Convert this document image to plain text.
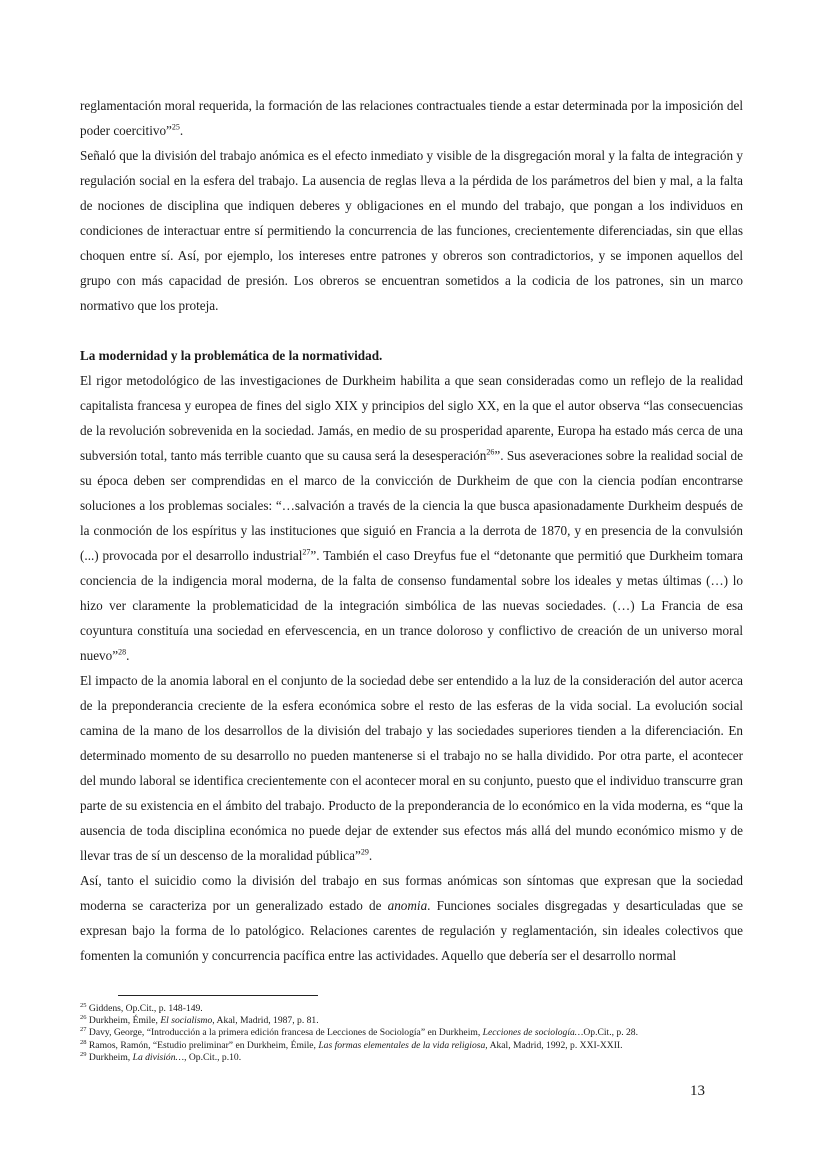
reglamentación moral requerida, la formación de las relaciones contractuales tiende a estar determinada por la imposición del poder coercitivo”$^{25}$.

Señaló que la división del trabajo anómica es el efecto inmediato y visible de la disgregación moral y la falta de integración y regulación social en la esfera del trabajo. La ausencia de reglas lleva a la pérdida de los parámetros del bien y mal, a la falta de nociones de disciplina que indiquen deberes y obligaciones en el mundo del trabajo, que pongan a los individuos en condiciones de interactuar entre sí permitiendo la concurrencia de las funciones, crecientemente diferenciadas, sin que ellas choquen entre sí. Así, por ejemplo, los intereses entre patrones y obreros son contradictorios, y se imponen aquellos del grupo con más capacidad de presión. Los obreros se encuentran sometidos a la codicia de los patrones, sin un marco normativo que los proteja.

La modernidad y la problemática de la normatividad.

El rigor metodológico de las investigaciones de Durkheim habilita a que sean consideradas como un reflejo de la realidad capitalista francesa y europea de fines del siglo XIX y principios del siglo XX, en la que el autor observa “las consecuencias de la revolución sobrevenida en la sociedad. Jamás, en medio de su prosperidad aparente, Europa ha estado más cerca de una subversión total, tanto más terrible cuanto que su causa será la desesperación$^{26}$”. Sus aseveraciones sobre la realidad social de su época deben ser comprendidas en el marco de la convicción de Durkheim de que con la ciencia podían encontrarse soluciones a los problemas sociales: “…salvación a través de la ciencia la que busca apasionadamente Durkheim después de la conmoción de los espíritus y las instituciones que siguió en Francia a la derrota de 1870, y en presencia de la convulsión (...) provocada por el desarrollo industrial$^{27}$”. También el caso Dreyfus fue el “detonante que permitió que Durkheim tomara conciencia de la indigencia moral moderna, de la falta de consenso fundamental sobre los ideales y metas últimas (…) lo hizo ver claramente la problematicidad de la integración simbólica de las nuevas sociedades. (…) La Francia de esa coyuntura constituía una sociedad en efervescencia, en un trance doloroso y conflictivo de creación de un universo moral nuevo”$^{28}$.

El impacto de la anomia laboral en el conjunto de la sociedad debe ser entendido a la luz de la consideración del autor acerca de la preponderancia creciente de la esfera económica sobre el resto de las esferas de la vida social. La evolución social camina de la mano de los desarrollos de la división del trabajo y las sociedades superiores tienden a la diferenciación. En determinado momento de su desarrollo no pueden mantenerse si el trabajo no se halla dividido. Por otra parte, el acontecer del mundo laboral se identifica crecientemente con el acontecer moral en su conjunto, puesto que el individuo transcurre gran parte de su existencia en el ámbito del trabajo. Producto de la preponderancia de lo económico en la vida moderna, es “que la ausencia de toda disciplina económica no puede dejar de extender sus efectos más allá del mundo económico mismo y de llevar tras de sí un descenso de la moralidad pública”$^{29}$.

Así, tanto el suicidio como la división del trabajo en sus formas anómicas son síntomas que expresan que la sociedad moderna se caracteriza por un generalizado estado de anomia. Funciones sociales disgregadas y desarticuladas que se expresan bajo la forma de lo patológico. Relaciones carentes de regulación y reglamentación, sin ideales colectivos que fomenten la comunión y concurrencia pacífica entre las actividades. Aquello que debería ser el desarrollo normal

$^{25}$ Giddens, Op.Cit., p. 148-149.
$^{26}$ Durkheim, Émile, El socialismo, Akal, Madrid, 1987, p. 81.
$^{27}$ Davy, George, “Introducción a la primera edición francesa de Lecciones de Sociología” en Durkheim, Lecciones de sociología…Op.Cit., p. 28.
$^{28}$ Ramos, Ramón, “Estudio preliminar” en Durkheim, Émile, Las formas elementales de la vida religiosa, Akal, Madrid, 1992, p. XXI-XXII.
$^{29}$ Durkheim, La división…, Op.Cit., p.10.
13
